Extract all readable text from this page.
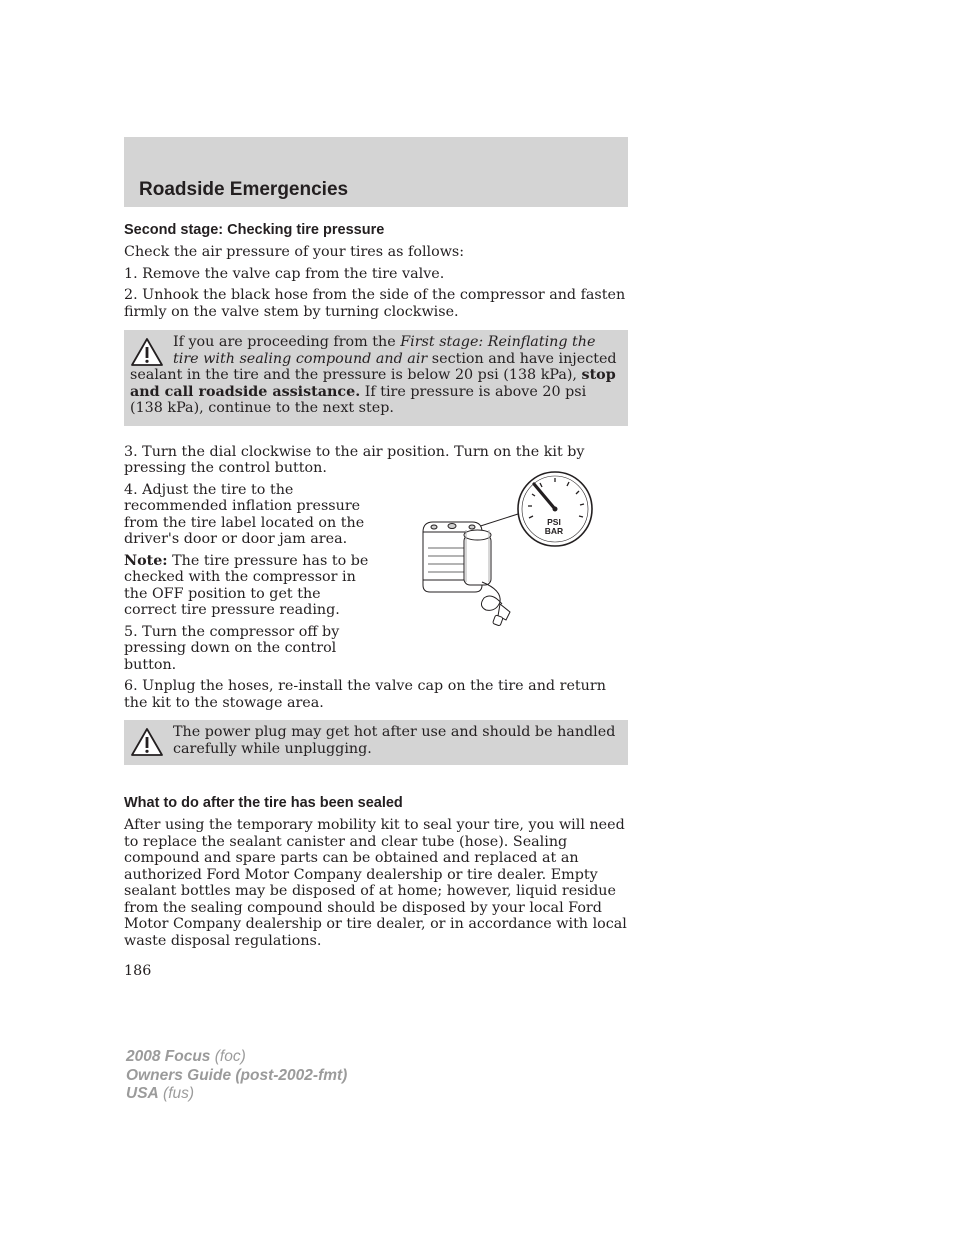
Roadside Emergencies
Second stage: Checking tire pressure

Check the air pressure of your tires as follows:

1. Remove the valve cap from the tire valve.

2. Unhook the black hose from the side of the compressor and fasten firmly on the valve stem by turning clockwise.

If you are proceeding from the First stage: Reinflating the tire with sealing compound and air section and have injected sealant in the tire and the pressure is below 20 psi (138 kPa), stop and call roadside assistance. If tire pressure is above 20 psi (138 kPa), continue to the next step.

3. Turn the dial clockwise to the air position. Turn on the kit by pressing the control button.

4. Adjust the tire to the recommended inflation pressure from the tire label located on the driver's door or door jam area.

Note: The tire pressure has to be checked with the compressor in the OFF position to get the correct tire pressure reading.

5. Turn the compressor off by pressing down on the control button.

PSI
BAR

6. Unplug the hoses, re-install the valve cap on the tire and return the kit to the stowage area.

The power plug may get hot after use and should be handled carefully while unplugging.
What to do after the tire has been sealed

After using the temporary mobility kit to seal your tire, you will need to replace the sealant canister and clear tube (hose). Sealing compound and spare parts can be obtained and replaced at an authorized Ford Motor Company dealership or tire dealer. Empty sealant bottles may be disposed of at home; however, liquid residue from the sealing compound should be disposed by your local Ford Motor Company dealership or tire dealer, or in accordance with local waste disposal regulations.

186
2008 Focus (foc)
Owners Guide (post-2002-fmt)
USA (fus)
